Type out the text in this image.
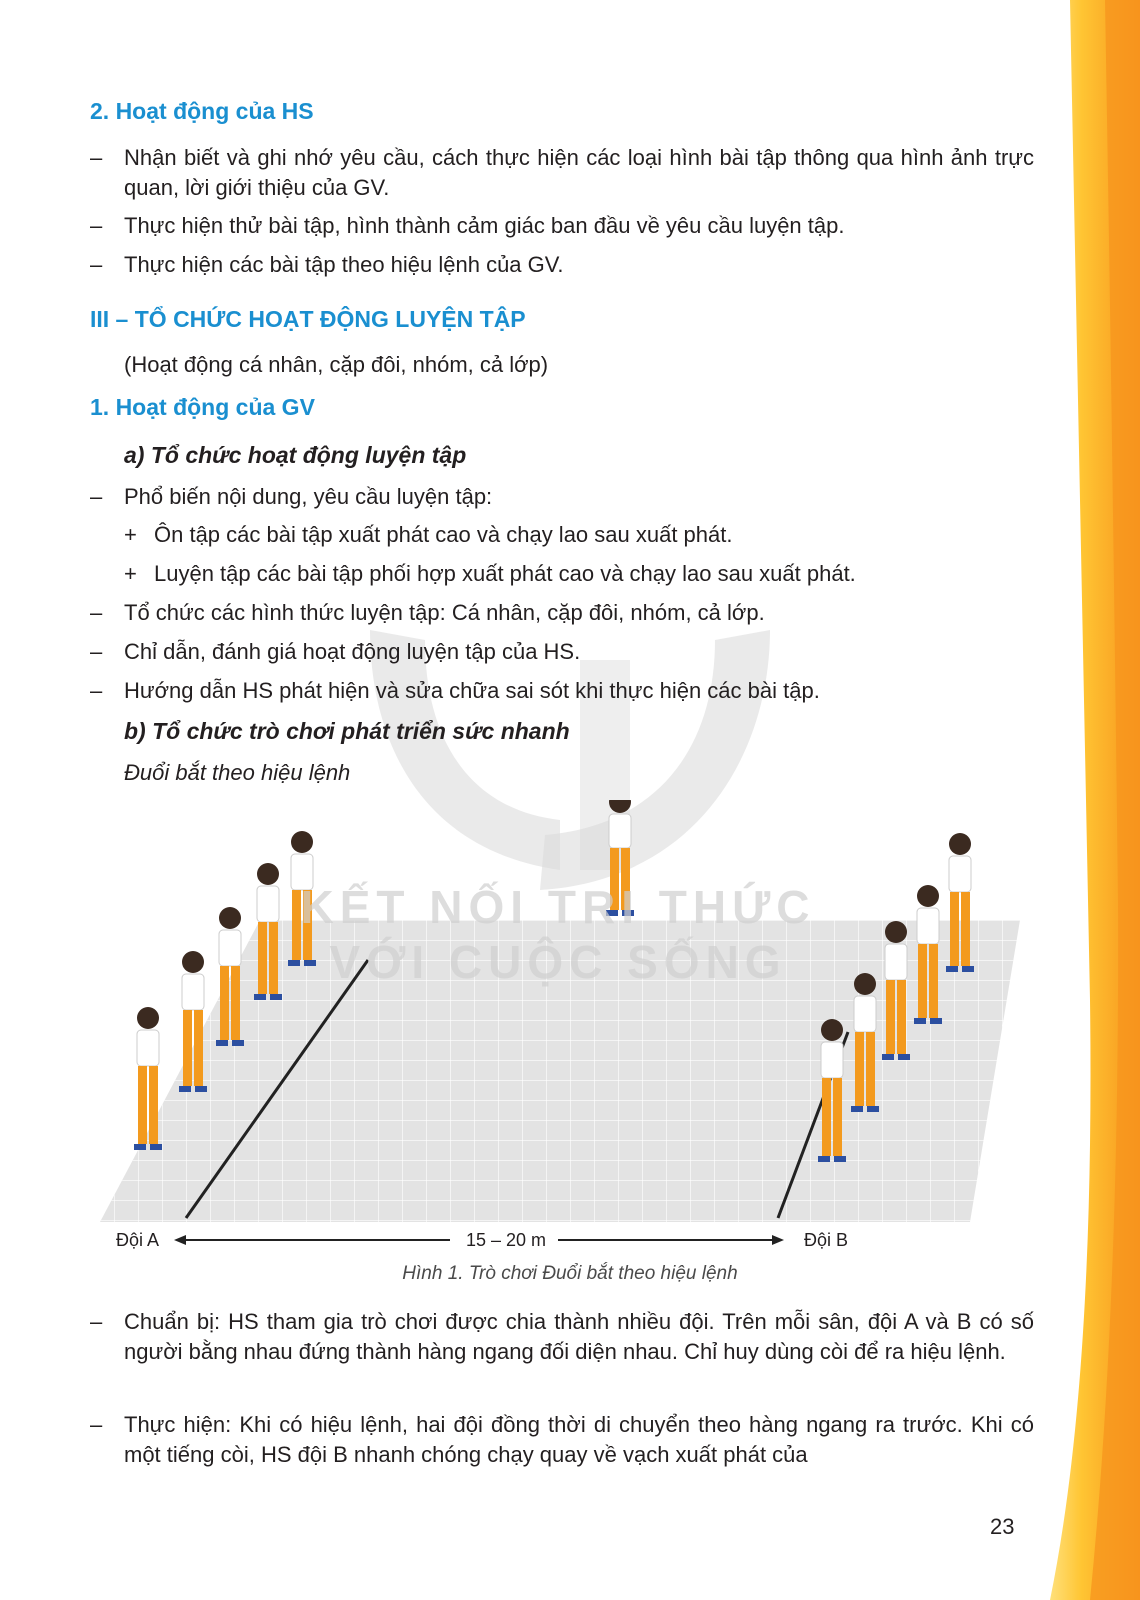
2. Hoạt động của HS
– Nhận biết và ghi nhớ yêu cầu, cách thực hiện các loại hình bài tập thông qua hình ảnh trực quan, lời giới thiệu của GV.
– Thực hiện thử bài tập, hình thành cảm giác ban đầu về yêu cầu luyện tập.
– Thực hiện các bài tập theo hiệu lệnh của GV.
III – TỔ CHỨC HOẠT ĐỘNG LUYỆN TẬP
(Hoạt động cá nhân, cặp đôi, nhóm, cả lớp)
1. Hoạt động của GV
a) Tổ chức hoạt động luyện tập
– Phổ biến nội dung, yêu cầu luyện tập:
+ Ôn tập các bài tập xuất phát cao và chạy lao sau xuất phát.
+ Luyện tập các bài tập phối hợp xuất phát cao và chạy lao sau xuất phát.
– Tổ chức các hình thức luyện tập: Cá nhân, cặp đôi, nhóm, cả lớp.
– Chỉ dẫn, đánh giá hoạt động luyện tập của HS.
– Hướng dẫn HS phát hiện và sửa chữa sai sót khi thực hiện các bài tập.
b) Tổ chức trò chơi phát triển sức nhanh
Đuổi bắt theo hiệu lệnh
KẾT NỐI TRI THỨC
VỚI CUỘC SỐNG
Đội A	15 – 20 m	Đội B
Hình 1. Trò chơi Đuổi bắt theo hiệu lệnh
– Chuẩn bị: HS tham gia trò chơi được chia thành nhiều đội. Trên mỗi sân, đội A và B có số người bằng nhau đứng thành hàng ngang đối diện nhau. Chỉ huy dùng còi để ra hiệu lệnh.
– Thực hiện: Khi có hiệu lệnh, hai đội đồng thời di chuyển theo hàng ngang ra trước. Khi có một tiếng còi, HS đội B nhanh chóng chạy quay về vạch xuất phát của
23
